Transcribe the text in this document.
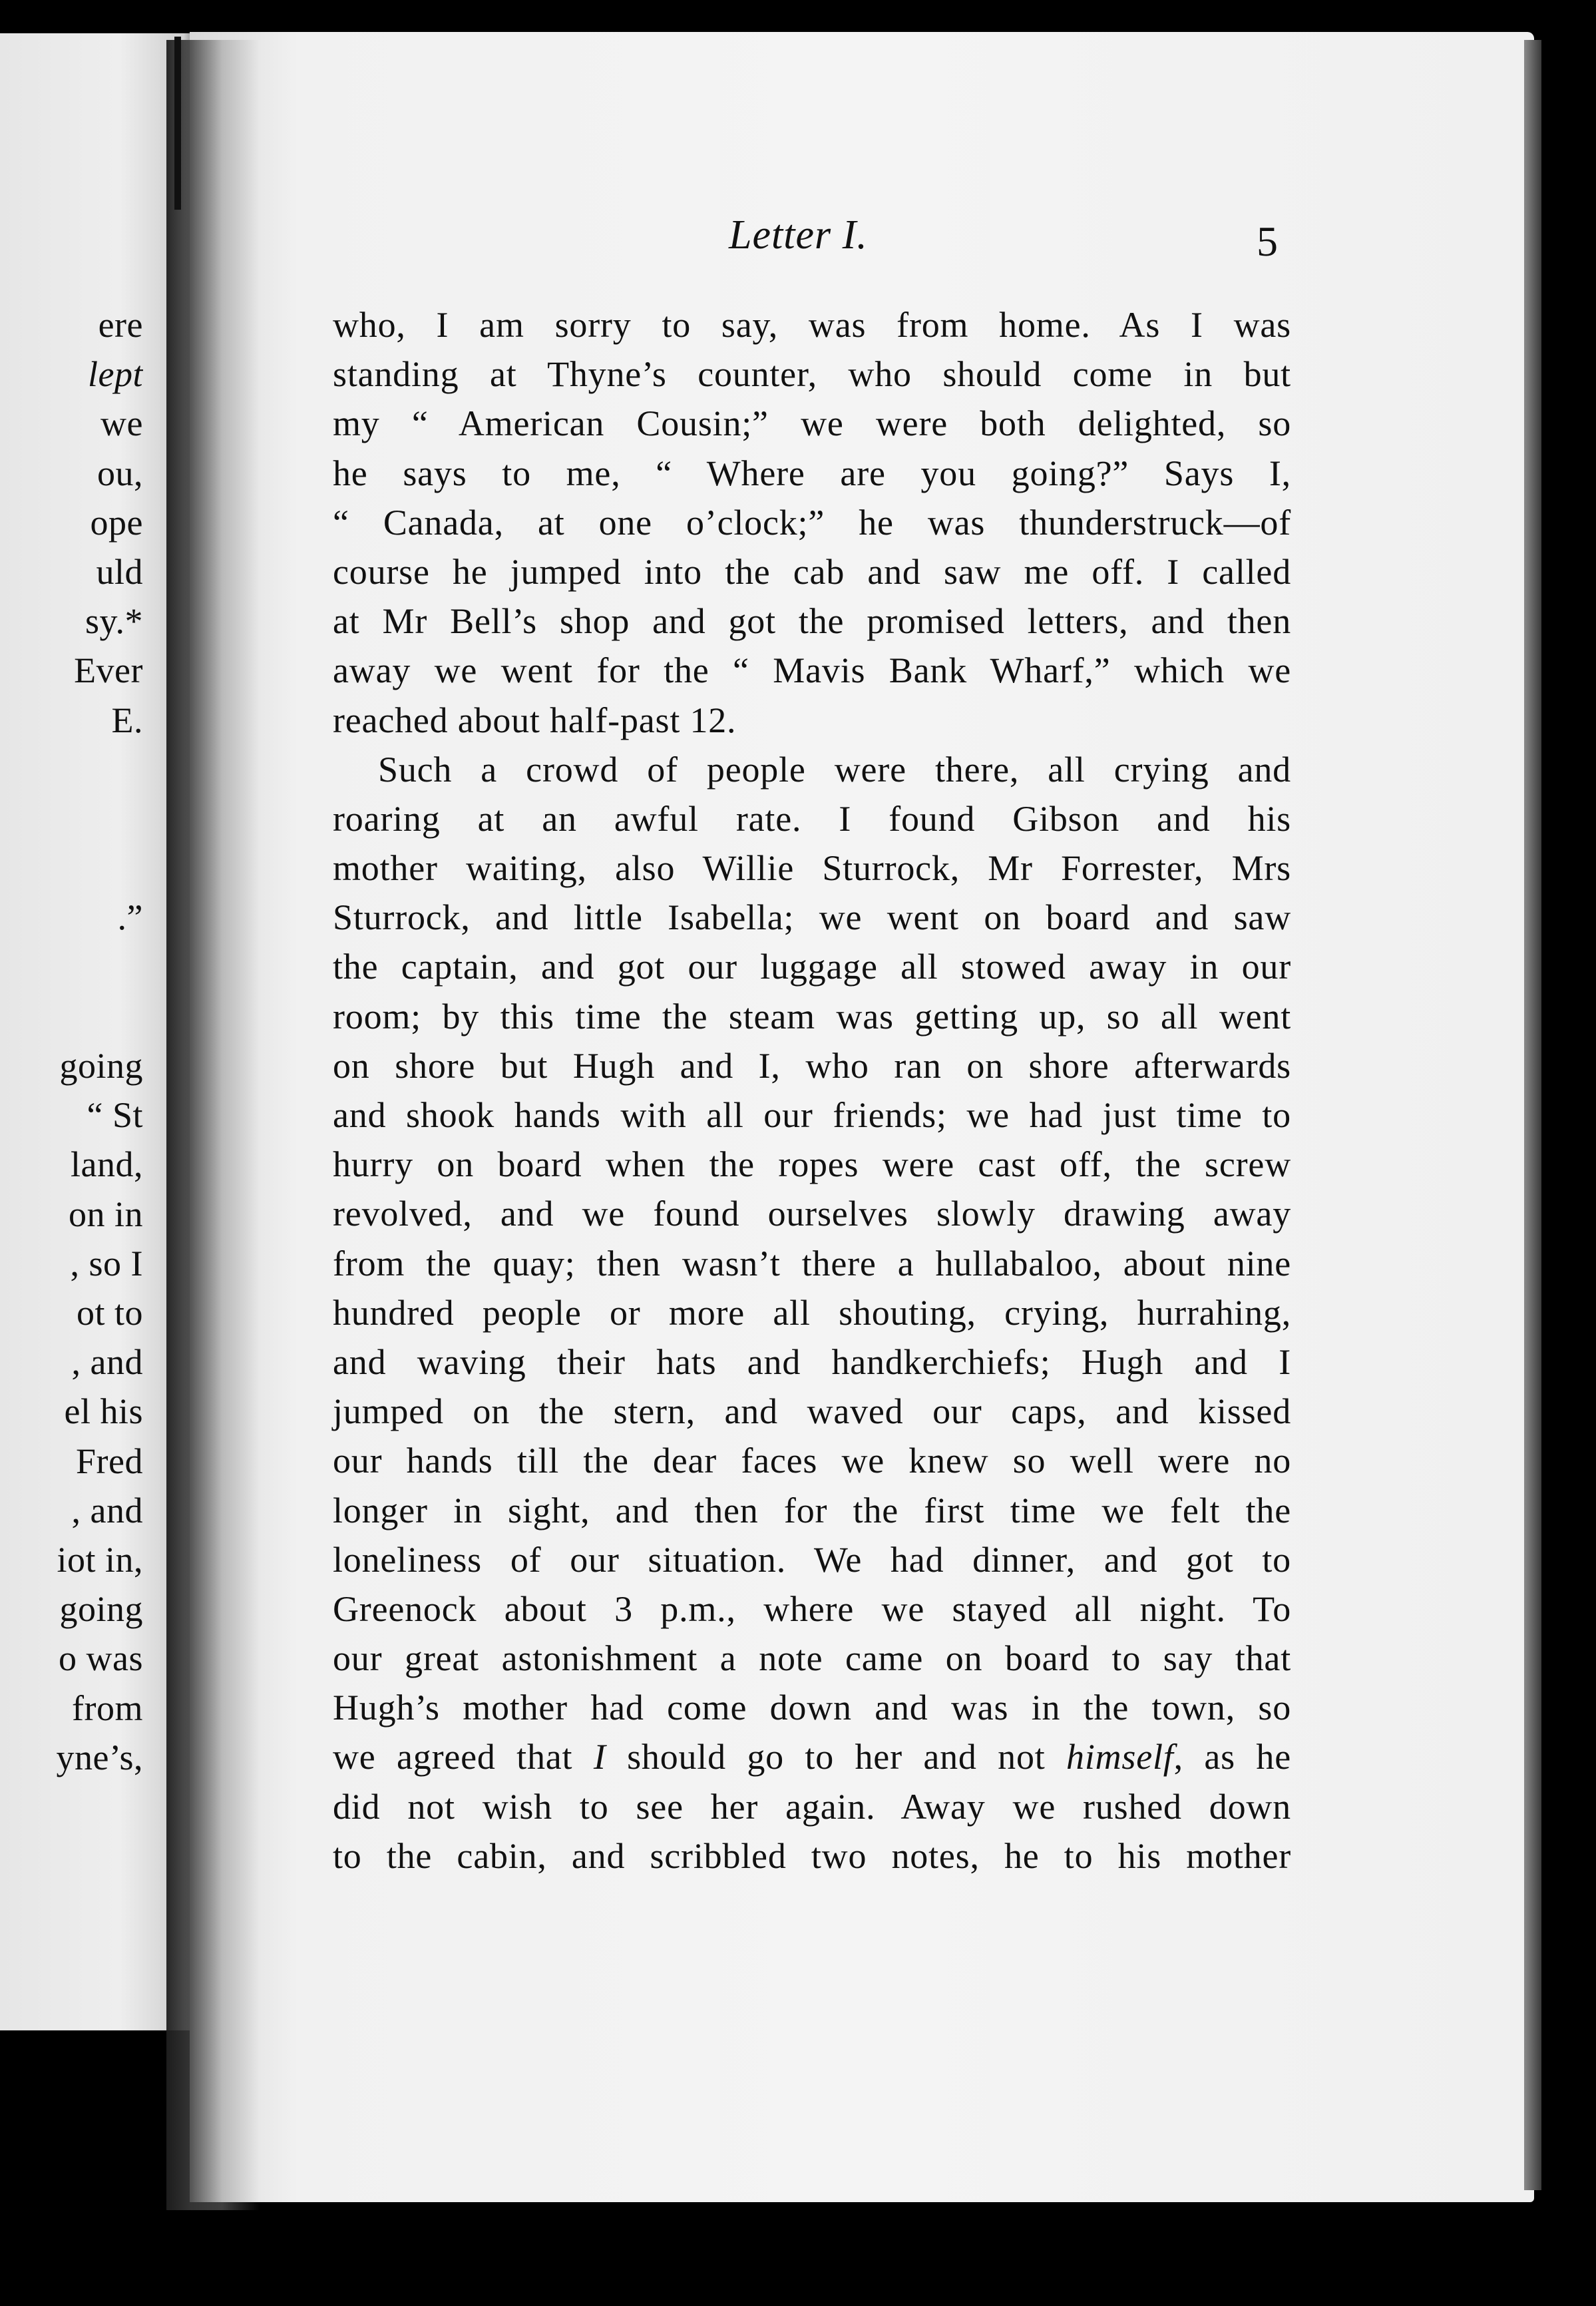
ere
lept
we
ou,
ope
uld
sy.*
Ever
E.
.”
going
“ St
land,
on in
, so I
ot to
, and
el his
Fred
, and
iot in,
going
o was
from
yne’s,
Letter I.	5
who, I am sorry to say, was from home. As I was
standing at Thyne’s counter, who should come in but
my “ American Cousin;” we were both delighted, so
he says to me, “ Where are you going?” Says I,
“ Canada, at one o’clock;” he was thunderstruck—of
course he jumped into the cab and saw me off. I called
at Mr Bell’s shop and got the promised letters, and then
away we went for the “ Mavis Bank Wharf,” which we
reached about half-past 12.
Such a crowd of people were there, all crying and
roaring at an awful rate. I found Gibson and his
mother waiting, also Willie Sturrock, Mr Forrester, Mrs
Sturrock, and little Isabella; we went on board and saw
the captain, and got our luggage all stowed away in our
room; by this time the steam was getting up, so all went
on shore but Hugh and I, who ran on shore afterwards
and shook hands with all our friends; we had just time to
hurry on board when the ropes were cast off, the screw
revolved, and we found ourselves slowly drawing away
from the quay; then wasn’t there a hullabaloo, about nine
hundred people or more all shouting, crying, hurrahing,
and waving their hats and handkerchiefs; Hugh and I
jumped on the stern, and waved our caps, and kissed
our hands till the dear faces we knew so well were no
longer in sight, and then for the first time we felt the
loneliness of our situation. We had dinner, and got to
Greenock about 3 p.m., where we stayed all night. To
our great astonishment a note came on board to say that
Hugh’s mother had come down and was in the town, so
we agreed that I should go to her and not himself, as he
did not wish to see her again. Away we rushed down
to the cabin, and scribbled two notes, he to his mother
